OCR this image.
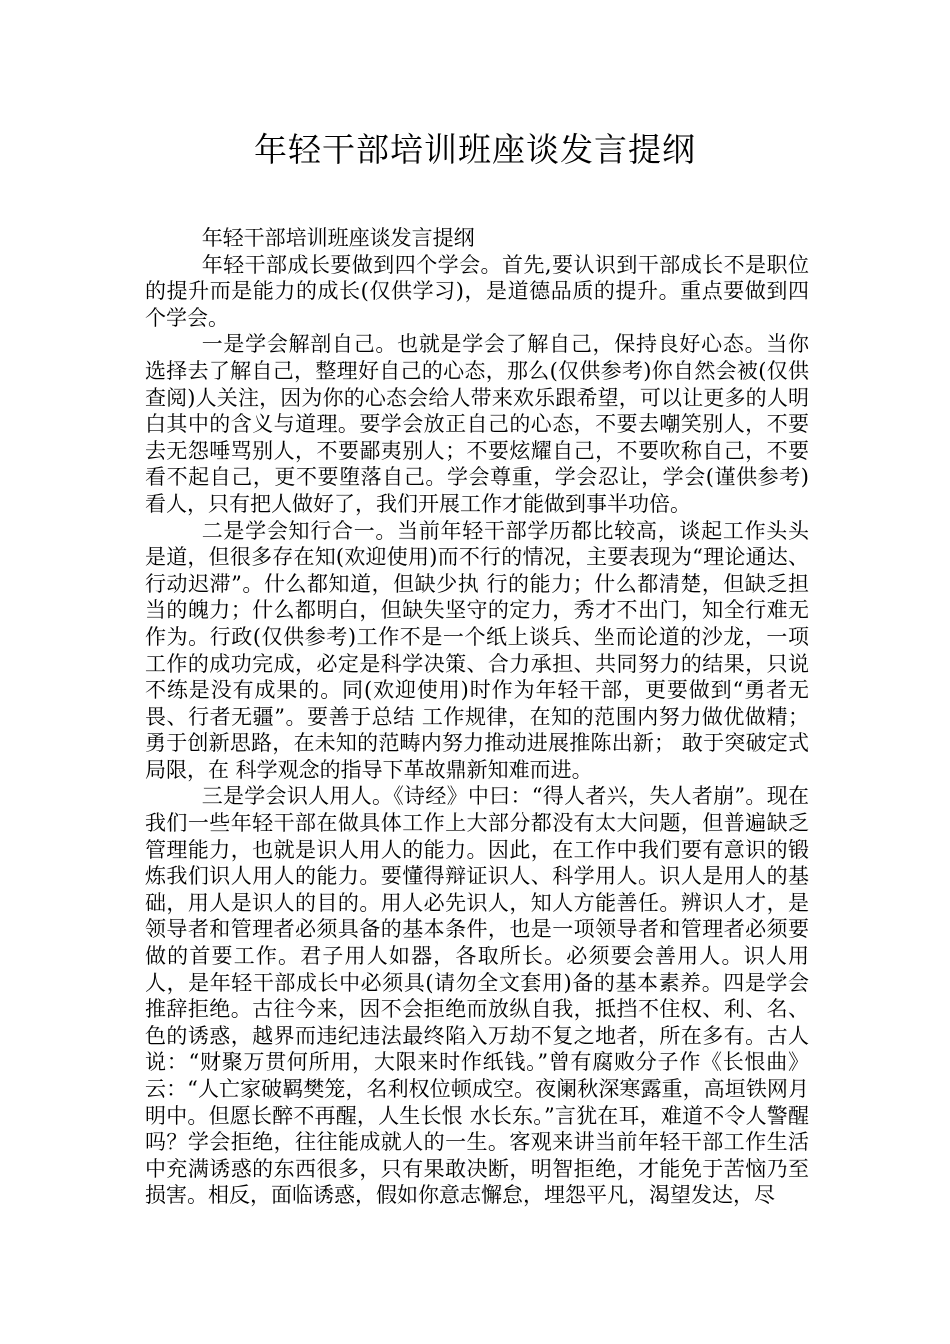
年轻干部培训班座谈发言提纲

年轻干部培训班座谈发言提纲

年轻干部成长要做到四个学会。首先,要认识到干部成长不是职位的提升而是能力的成长(仅供学习)，是道德品质的提升。重点要做到四个学会。

一是学会解剖自己。也就是学会了解自己，保持良好心态。当你选择去了解自己，整理好自己的心态，那么(仅供参考)你自然会被(仅供查阅)人关注，因为你的心态会给人带来欢乐跟希望，可以让更多的人明白其中的含义与道理。要学会放正自己的心态，不要去嘲笑别人，不要去无怨唾骂别人，不要鄙夷别人；不要炫耀自己，不要吹称自己，不要看不起自己，更不要堕落自己。学会尊重，学会忍让，学会(谨供参考)看人，只有把人做好了，我们开展工作才能做到事半功倍。

二是学会知行合一。当前年轻干部学历都比较高，谈起工作头头是道，但很多存在知(欢迎使用)而不行的情况，主要表现为“理论通达、行动迟滞”。什么都知道，但缺少执 行的能力；什么都清楚，但缺乏担当的魄力；什么都明白，但缺失坚守的定力，秀才不出门，知全行难无作为。行政(仅供参考)工作不是一个纸上谈兵、坐而论道的沙龙，一项工作的成功完成，必定是科学决策、合力承担、共同努力的结果，只说不练是没有成果的。同(欢迎使用)时作为年轻干部，更要做到“勇者无畏、行者无疆”。要善于总结 工作规律，在知的范围内努力做优做精；勇于创新思路，在未知的范畴内努力推动进展推陈出新； 敢于突破定式局限，在 科学观念的指导下革故鼎新知难而进。

三是学会识人用人。《诗经》中曰：“得人者兴，失人者崩”。现在我们一些年轻干部在做具体工作上大部分都没有太大问题，但普遍缺乏管理能力，也就是识人用人的能力。因此，在工作中我们要有意识的锻炼我们识人用人的能力。要懂得辩证识人、科学用人。识人是用人的基础，用人是识人的目的。用人必先识人，知人方能善任。辨识人才，是领导者和管理者必须具备的基本条件，也是一项领导者和管理者必须要做的首要工作。君子用人如器，各取所长。必须要会善用人。识人用人，是年轻干部成长中必须具(请勿全文套用)备的基本素养。四是学会推辞拒绝。古往今来，因不会拒绝而放纵自我，抵挡不住权、利、名、 色的诱惑，越界而违纪违法最终陷入万劫不复之地者，所在多有。古人说：“财聚万贯何所用，大限来时作纸钱。”曾有腐败分子作《长恨曲》云：“人亡家破羁樊笼，名利权位顿成空。夜阑秋深寒露重，高垣铁网月明中。但愿长醉不再醒，人生长恨 水长东。”言犹在耳，难道不令人警醒吗？学会拒绝，往往能成就人的一生。客观来讲当前年轻干部工作生活中充满诱惑的东西很多，只有果敢决断，明智拒绝，才能免于苦恼乃至损害。相反，面临诱惑，假如你意志懈怠，埋怨平凡，渴望发达，尽
